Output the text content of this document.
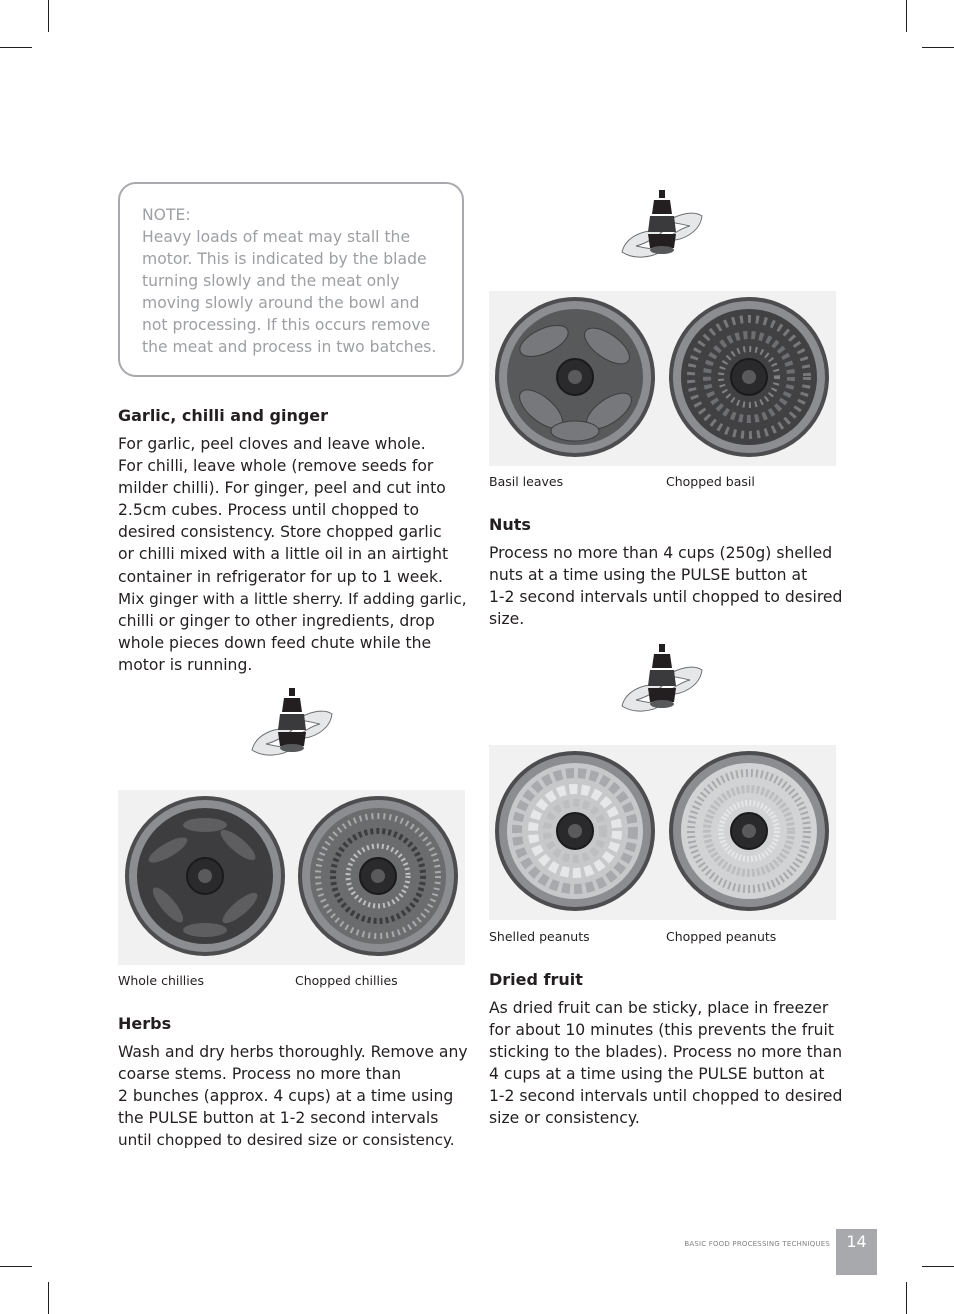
NOTE:
Heavy loads of meat may stall the
motor. This is indicated by the blade
turning slowly and the meat only
moving slowly around the bowl and
not processing. If this occurs remove
the meat and process in two batches.
Garlic, chilli and ginger
For garlic, peel cloves and leave whole.
For chilli, leave whole (remove seeds for
milder chilli). For ginger, peel and cut into
2.5cm cubes. Process until chopped to
desired consistency. Store chopped garlic
or chilli mixed with a little oil in an airtight
container in refrigerator for up to 1 week.
Mix ginger with a little sherry. If adding garlic,
chilli or ginger to other ingredients, drop
whole pieces down feed chute while the
motor is running.
Whole chillies	Chopped chillies
Herbs
Wash and dry herbs thoroughly. Remove any
coarse stems. Process no more than
2 bunches (approx. 4 cups) at a time using
the PULSE button at 1-2 second intervals
until chopped to desired size or consistency.
Basil leaves	Chopped basil
Nuts
Process no more than 4 cups (250g) shelled
nuts at a time using the PULSE button at
1-2 second intervals until chopped to desired
size.
Shelled peanuts	Chopped peanuts
Dried fruit
As dried fruit can be sticky, place in freezer
for about 10 minutes (this prevents the fruit
sticking to the blades). Process no more than
4 cups at a time using the PULSE button at
1-2 second intervals until chopped to desired
size or consistency.
BASIC FOOD PROCESSING TECHNIQUES	14
